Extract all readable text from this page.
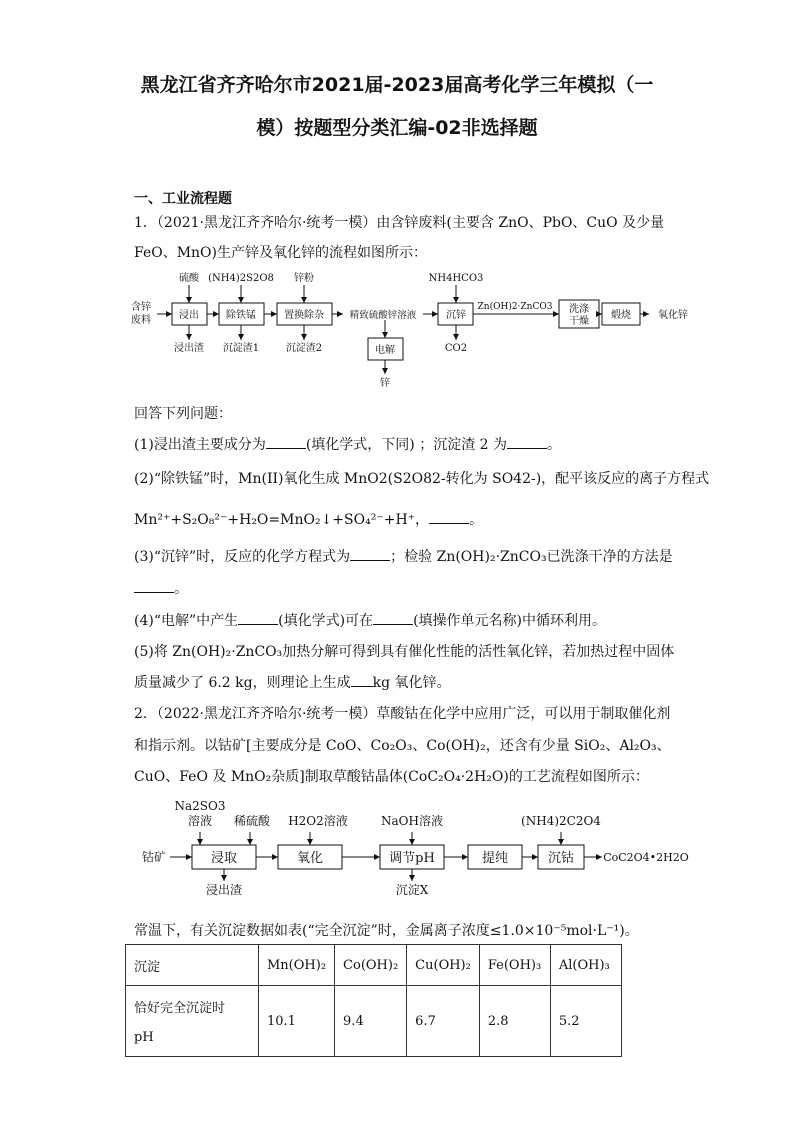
黑龙江省齐齐哈尔市2021届-2023届高考化学三年模拟（一
模）按题型分类汇编-02非选择题
一、工业流程题
1．（2021·黑龙江齐齐哈尔·统考一模）由含锌废料(主要含 ZnO、PbO、CuO 及少量
FeO、MnO)生产锌及氧化锌的流程如图所示：
含锌
废料	浸出	除铁锰	置换除杂	精致硫酸锌溶液	沉锌
Zn(OH)2·ZnCO3 洗涤
干燥
煅烧	氧化锌
硫酸 (NH4)2S2O8 锌粉	NH4HCO3
浸出渣 沉淀渣1	沉淀渣2	CO2
电解
锌
回答下列问题：
(1)浸出渣主要成分为	(填化学式，下同) ；沉淀渣 2 为	。
(2)“除铁锰”时，Mn(II)氧化生成 MnO2(S2O82-转化为 SO42-)，配平该反应的离子方程式
Mn²⁺+S₂O₈²⁻+H₂O=MnO₂↓+SO₄²⁻+H⁺，	。
(3)“沉锌”时，反应的化学方程式为	；检验 Zn(OH)₂·ZnCO₃已洗涤干净的方法是
。
(4)“电解”中产生	(填化学式)可在	(填操作单元名称)中循环利用。
(5)将 Zn(OH)₂·ZnCO₃加热分解可得到具有催化性能的活性氧化锌，若加热过程中固体
质量减少了 6.2 kg，则理论上生成 kg 氧化锌。
2．（2022·黑龙江齐齐哈尔·统考一模）草酸钴在化学中应用广泛，可以用于制取催化剂
和指示剂。以钴矿[主要成分是 CoO、Co₂O₃、Co(OH)₂，还含有少量 SiO₂、Al₂O₃、
CuO、FeO 及 MnO₂杂质]制取草酸钴晶体(CoC₂O₄·2H₂O)的工艺流程如图所示：
钴矿	浸取	氧化	调节pH	提纯	沉钴	CoC2O4•2H2O
Na2SO3
溶液 稀硫酸 H2O2溶液	NaOH溶液	(NH4)2C2O4
浸出渣	沉淀X
常温下，有关沉淀数据如表(“完全沉淀”时，金属离子浓度≤1.0×10⁻⁵mol·L⁻¹)。
沉淀	Mn(OH)₂	Co(OH)₂	Cu(OH)₂	Fe(OH)₃	Al(OH)₃

恰好完全沉淀时
pH	10.1	9.4	6.7	2.8	5.2
